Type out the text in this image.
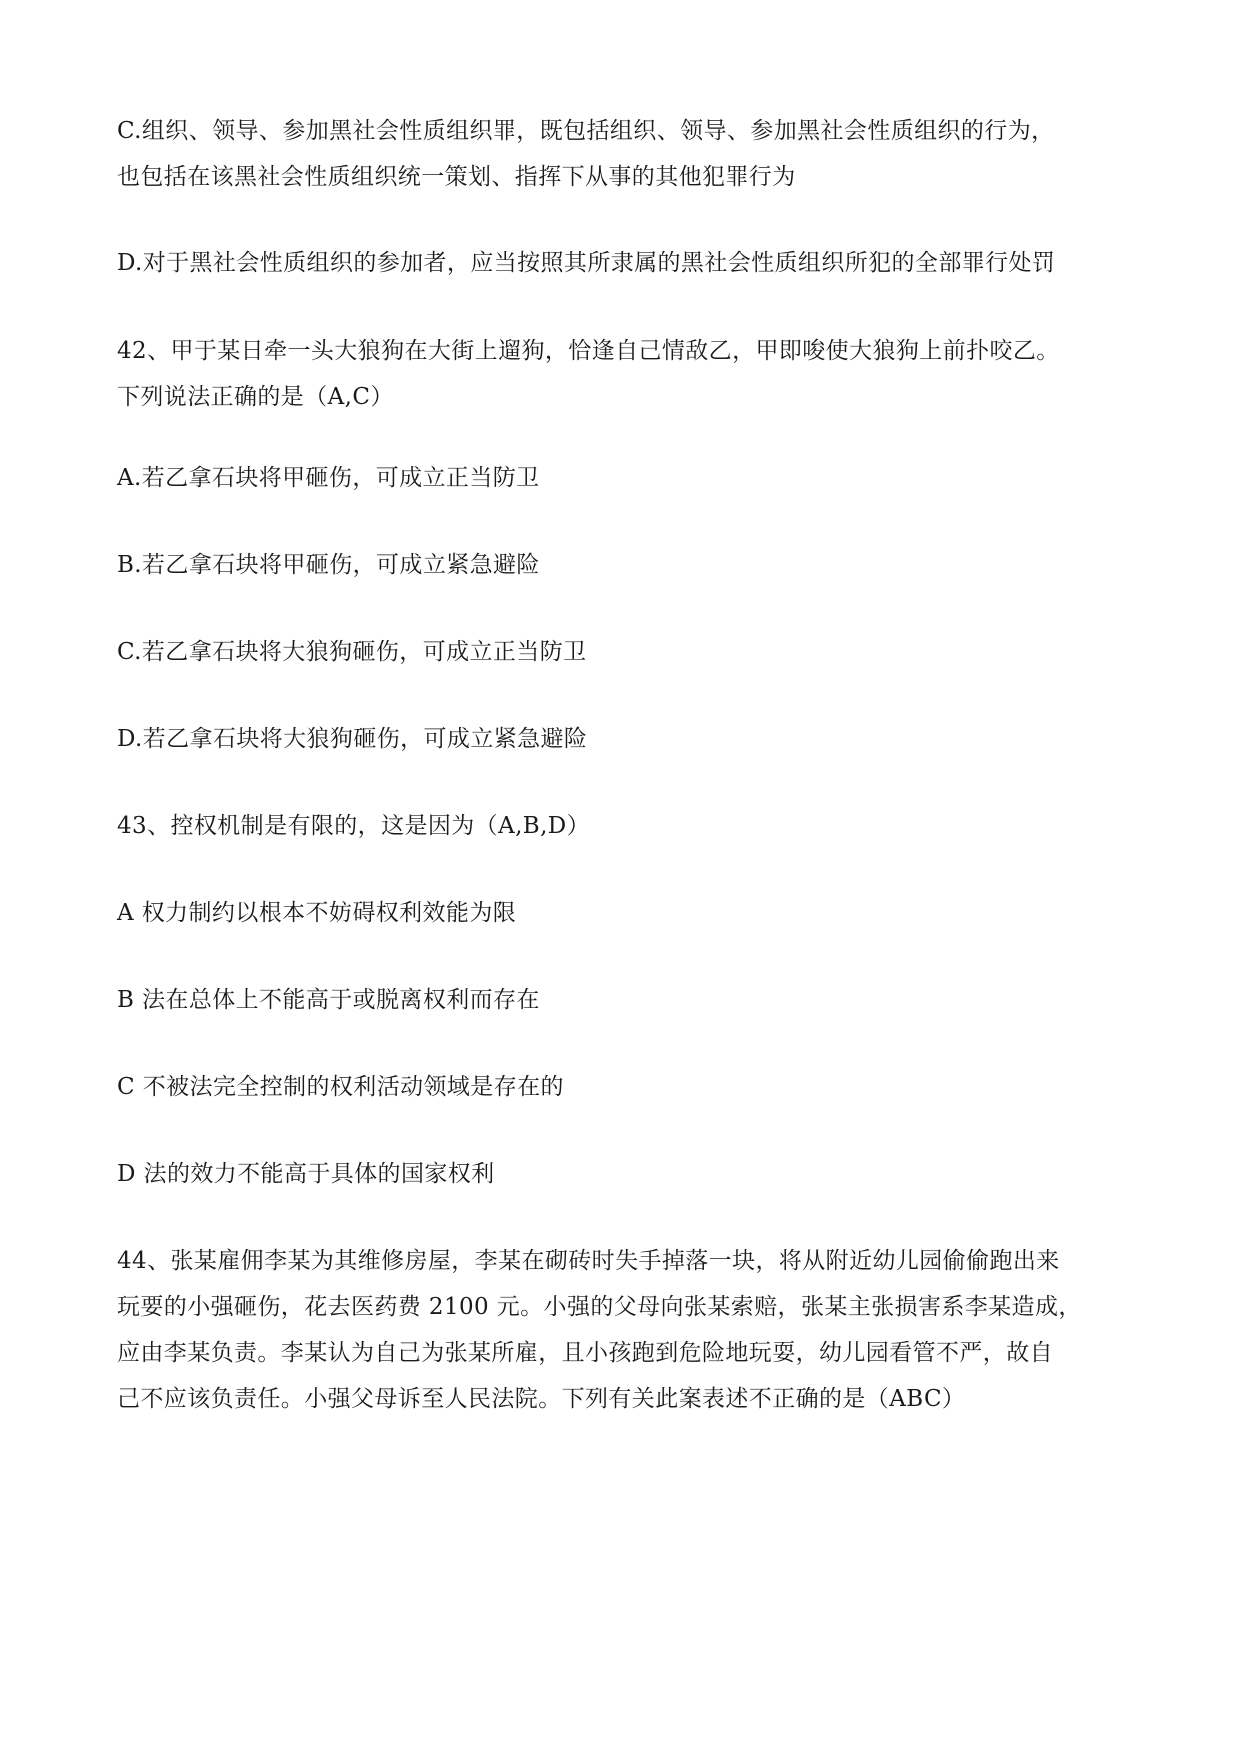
C.组织、领导、参加黑社会性质组织罪，既包括组织、领导、参加黑社会性质组织的行为，
也包括在该黑社会性质组织统一策划、指挥下从事的其他犯罪行为

D.对于黑社会性质组织的参加者，应当按照其所隶属的黑社会性质组织所犯的全部罪行处罚

42、甲于某日牵一头大狼狗在大街上遛狗，恰逢自己情敌乙，甲即唆使大狼狗上前扑咬乙。
下列说法正确的是（A,C）

A.若乙拿石块将甲砸伤，可成立正当防卫

B.若乙拿石块将甲砸伤，可成立紧急避险

C.若乙拿石块将大狼狗砸伤，可成立正当防卫

D.若乙拿石块将大狼狗砸伤，可成立紧急避险

43、控权机制是有限的，这是因为（A,B,D）

A 权力制约以根本不妨碍权利效能为限

B 法在总体上不能高于或脱离权利而存在

C 不被法完全控制的权利活动领域是存在的

D 法的效力不能高于具体的国家权利

44、张某雇佣李某为其维修房屋，李某在砌砖时失手掉落一块，将从附近幼儿园偷偷跑出来
玩要的小强砸伤，花去医药费 2100 元。小强的父母向张某索赔，张某主张损害系李某造成，
应由李某负责。李某认为自己为张某所雇，且小孩跑到危险地玩耍，幼儿园看管不严，故自
己不应该负责任。小强父母诉至人民法院。下列有关此案表述不正确的是（ABC）
